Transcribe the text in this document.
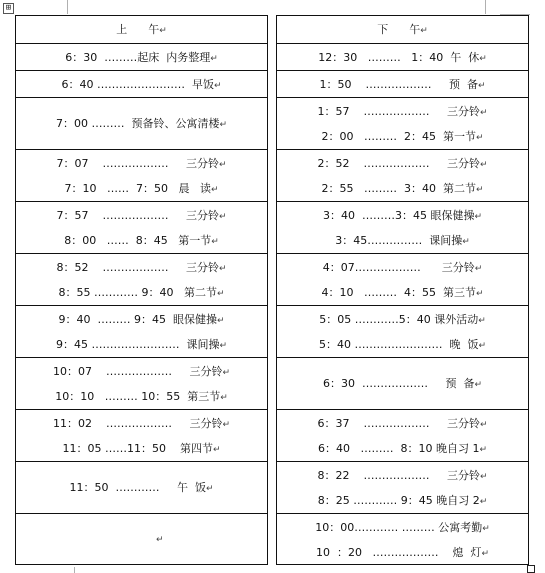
⊞
上      午↵
6：30  ………起床  内务整理↵
6：40 ……………………  早饭↵
7：00 ………  预备铃、公寓清楼↵
7：07    ………………     三分铃↵
7：10   ……  7：50   晨   读↵
7：57    ………………     三分铃↵
8：00   ……  8：45   第一节↵
8：52    ………………     三分铃↵
8：55 ………… 9：40   第二节↵
9：40  ……… 9：45  眼保健操↵
9：45 ……………………  课间操↵
10：07    ………………     三分铃↵
10：10   ……… 10：55  第三节↵
11：02    ………………     三分铃↵
11：05 ……11：50    第四节↵
11：50  …………     午  饭↵
↵
下      午↵
12：30   ………   1：40  午  休↵
1：50    ………………     预  备↵
1：57    ………………     三分铃↵
2：00   ………  2：45  第一节↵
2：52    ………………     三分铃↵
2：55   ………  3：40  第二节↵
3：40  ………3：45 眼保健操↵
3：45……………  课间操↵
4：07………………      三分铃↵
4：10   ………  4：55  第三节↵
5：05 …………5：40 课外活动↵
5：40 ……………………  晚  饭↵
6：30  ………………     预  备↵
6：37    ………………     三分铃↵
6：40   ………  8：10 晚自习 1↵
8：22    ………………     三分铃↵
8：25 ………… 9：45 晚自习 2↵
10：00………… ……… 公寓考勤↵
10  ：20   ………………    熄  灯↵
